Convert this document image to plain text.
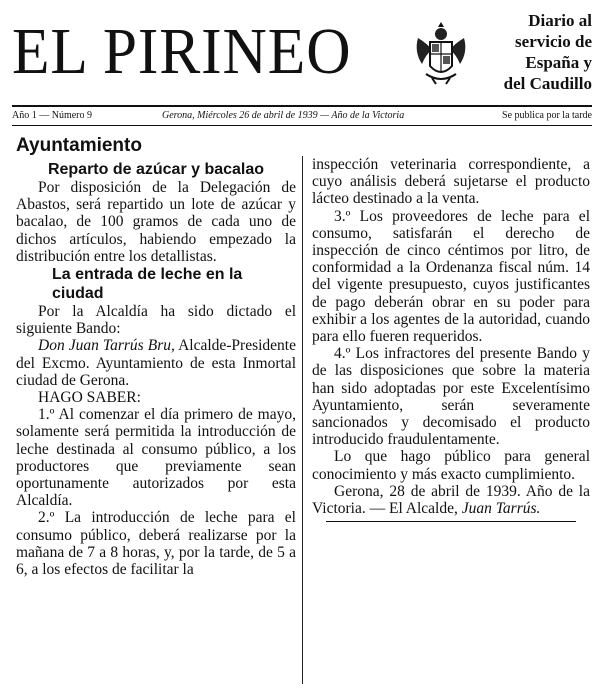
EL PIRINEO	Diario al
servicio de
España y
del Caudillo
Año 1 — Número 9	Gerona, Miércoles 26 de abril de 1939 — Año de la Victoria	Se publica por la tarde
Ayuntamiento
Reparto de azúcar y bacalao

Por disposición de la Delegación de Abastos, será repartido un lote de azúcar y bacalao, de 100 gramos de cada uno de dichos artículos, habiendo empezado la distribución entre los detallistas.

La entrada de leche en la ciudad

Por la Alcaldía ha sido dictado el siguiente Bando:

Don Juan Tarrús Bru, Alcalde-Presidente del Excmo. Ayuntamiento de esta Inmortal ciudad de Gerona.

HAGO SABER:

1.º Al comenzar el día primero de mayo, solamente será permitida la introducción de leche destinada al consumo público, a los productores que previamente sean oportunamente autorizados por esta Alcaldía.

2.º La introducción de leche para el consumo público, deberá realizarse por la mañana de 7 a 8 horas, y, por la tarde, de 5 a 6, a los efectos de facilitar la

inspección veterinaria correspondiente, a cuyo análisis deberá sujetarse el producto lácteo destinado a la venta.

3.º Los proveedores de leche para el consumo, satisfarán el derecho de inspección de cinco céntimos por litro, de conformidad a la Ordenanza fiscal núm. 14 del vigente presupuesto, cuyos justificantes de pago deberán obrar en su poder para exhibir a los agentes de la autoridad, cuando para ello fueren requeridos.

4.º Los infractores del presente Bando y de las disposiciones que sobre la materia han sido adoptadas por este Excelentísimo Ayuntamiento, serán severamente sancionados y decomisado el producto introducido fraudulentamente.

Lo que hago público para general conocimiento y más exacto cumplimiento.

Gerona, 28 de abril de 1939. Año de la Victoria. — El Alcalde, Juan Tarrús.
